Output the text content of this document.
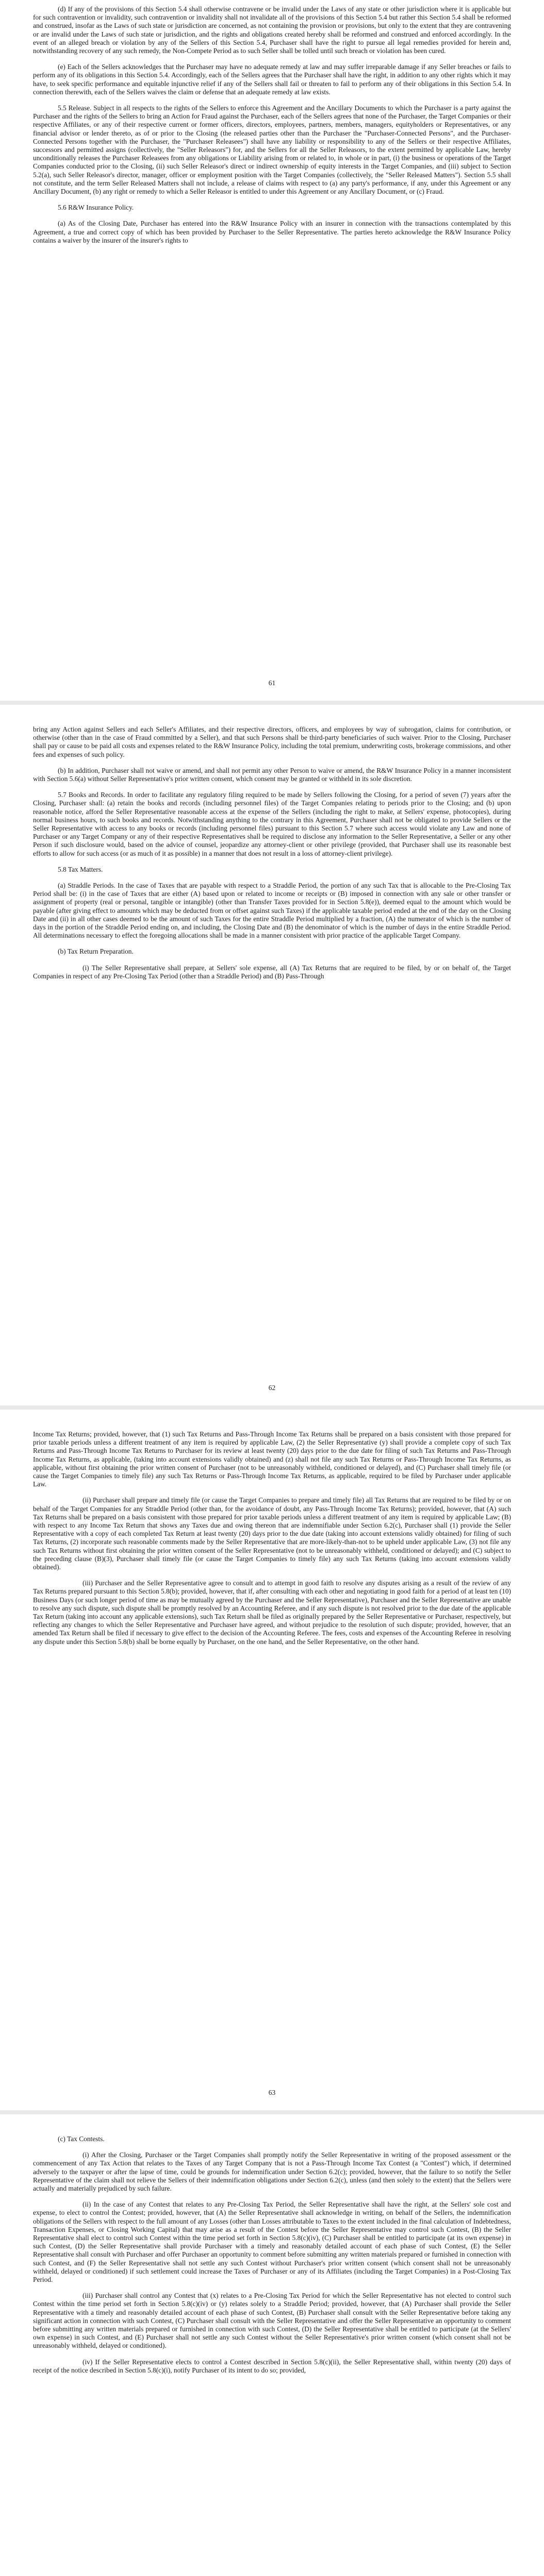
(d) If any of the provisions of this Section 5.4 shall otherwise contravene or be invalid under the Laws of any state or other jurisdiction where it is applicable but for such contravention or invalidity, such contravention or invalidity shall not invalidate all of the provisions of this Section 5.4 but rather this Section 5.4 shall be reformed and construed, insofar as the Laws of such state or jurisdiction are concerned, as not containing the provision or provisions, but only to the extent that they are contravening or are invalid under the Laws of such state or jurisdiction, and the rights and obligations created hereby shall be reformed and construed and enforced accordingly. In the event of an alleged breach or violation by any of the Sellers of this Section 5.4, Purchaser shall have the right to pursue all legal remedies provided for herein and, notwithstanding recovery of any such remedy, the Non-Compete Period as to such Seller shall be tolled until such breach or violation has been cured.

(e) Each of the Sellers acknowledges that the Purchaser may have no adequate remedy at law and may suffer irreparable damage if any Seller breaches or fails to perform any of its obligations in this Section 5.4. Accordingly, each of the Sellers agrees that the Purchaser shall have the right, in addition to any other rights which it may have, to seek specific performance and equitable injunctive relief if any of the Sellers shall fail or threaten to fail to perform any of their obligations in this Section 5.4. In connection therewith, each of the Sellers waives the claim or defense that an adequate remedy at law exists.

5.5 Release. Subject in all respects to the rights of the Sellers to enforce this Agreement and the Ancillary Documents to which the Purchaser is a party against the Purchaser and the rights of the Sellers to bring an Action for Fraud against the Purchaser, each of the Sellers agrees that none of the Purchaser, the Target Companies or their respective Affiliates, or any of their respective current or former officers, directors, employees, partners, members, managers, equityholders or Representatives, or any financial advisor or lender thereto, as of or prior to the Closing (the released parties other than the Purchaser the "Purchaser-Connected Persons", and the Purchaser-Connected Persons together with the Purchaser, the "Purchaser Releasees") shall have any liability or responsibility to any of the Sellers or their respective Affiliates, successors and permitted assigns (collectively, the "Seller Releasors") for, and the Sellers for all the Seller Releasors, to the extent permitted by applicable Law, hereby unconditionally releases the Purchaser Releasees from any obligations or Liability arising from or related to, in whole or in part, (i) the business or operations of the Target Companies conducted prior to the Closing, (ii) such Seller Releasor's direct or indirect ownership of equity interests in the Target Companies, and (iii) subject to Section 5.2(a), such Seller Releasor's director, manager, officer or employment position with the Target Companies (collectively, the "Seller Released Matters"). Section 5.5 shall not constitute, and the term Seller Released Matters shall not include, a release of claims with respect to (a) any party's performance, if any, under this Agreement or any Ancillary Document, (b) any right or remedy to which a Seller Releasor is entitled to under this Agreement or any Ancillary Document, or (c) Fraud.

5.6 R&W Insurance Policy.

(a) As of the Closing Date, Purchaser has entered into the R&W Insurance Policy with an insurer in connection with the transactions contemplated by this Agreement, a true and correct copy of which has been provided by Purchaser to the Seller Representative. The parties hereto acknowledge the R&W Insurance Policy contains a waiver by the insurer of the insurer's rights to

61

bring any Action against Sellers and each Seller's Affiliates, and their respective directors, officers, and employees by way of subrogation, claims for contribution, or otherwise (other than in the case of Fraud committed by a Seller), and that such Persons shall be third-party beneficiaries of such waiver. Prior to the Closing, Purchaser shall pay or cause to be paid all costs and expenses related to the R&W Insurance Policy, including the total premium, underwriting costs, brokerage commissions, and other fees and expenses of such policy.

(b) In addition, Purchaser shall not waive or amend, and shall not permit any other Person to waive or amend, the R&W Insurance Policy in a manner inconsistent with Section 5.6(a) without Seller Representative's prior written consent, which consent may be granted or withheld in its sole discretion.

5.7 Books and Records. In order to facilitate any regulatory filing required to be made by Sellers following the Closing, for a period of seven (7) years after the Closing, Purchaser shall: (a) retain the books and records (including personnel files) of the Target Companies relating to periods prior to the Closing; and (b) upon reasonable notice, afford the Seller Representative reasonable access at the expense of the Sellers (including the right to make, at Sellers' expense, photocopies), during normal business hours, to such books and records. Notwithstanding anything to the contrary in this Agreement, Purchaser shall not be obligated to provide Sellers or the Seller Representative with access to any books or records (including personnel files) pursuant to this Section 5.7 where such access would violate any Law and none of Purchaser or any Target Company or any of their respective Representatives shall be required to disclose any information to the Seller Representative, a Seller or any other Person if such disclosure would, based on the advice of counsel, jeopardize any attorney-client or other privilege (provided, that Purchaser shall use its reasonable best efforts to allow for such access (or as much of it as possible) in a manner that does not result in a loss of attorney-client privilege).

5.8 Tax Matters.

(a) Straddle Periods. In the case of Taxes that are payable with respect to a Straddle Period, the portion of any such Tax that is allocable to the Pre-Closing Tax Period shall be: (i) in the case of Taxes that are either (A) based upon or related to income or receipts or (B) imposed in connection with any sale or other transfer or assignment of property (real or personal, tangible or intangible) (other than Transfer Taxes provided for in Section 5.8(e)), deemed equal to the amount which would be payable (after giving effect to amounts which may be deducted from or offset against such Taxes) if the applicable taxable period ended at the end of the day on the Closing Date and (ii) in all other cases deemed to be the amount of such Taxes for the entire Straddle Period multiplied by a fraction, (A) the numerator of which is the number of days in the portion of the Straddle Period ending on, and including, the Closing Date and (B) the denominator of which is the number of days in the entire Straddle Period. All determinations necessary to effect the foregoing allocations shall be made in a manner consistent with prior practice of the applicable Target Company.

(b) Tax Return Preparation.

(i) The Seller Representative shall prepare, at Sellers' sole expense, all (A) Tax Returns that are required to be filed, by or on behalf of, the Target Companies in respect of any Pre-Closing Tax Period (other than a Straddle Period) and (B) Pass-Through

62

Income Tax Returns; provided, however, that (1) such Tax Returns and Pass-Through Income Tax Returns shall be prepared on a basis consistent with those prepared for prior taxable periods unless a different treatment of any item is required by applicable Law, (2) the Seller Representative (y) shall provide a complete copy of such Tax Returns and Pass-Through Income Tax Returns to Purchaser for its review at least twenty (20) days prior to the due date for filing of such Tax Returns and Pass-Through Income Tax Returns, as applicable, (taking into account extensions validly obtained) and (z) shall not file any such Tax Returns or Pass-Through Income Tax Returns, as applicable, without first obtaining the prior written consent of Purchaser (not to be unreasonably withheld, conditioned or delayed), and (C) Purchaser shall timely file (or cause the Target Companies to timely file) any such Tax Returns or Pass-Through Income Tax Returns, as applicable, required to be filed by Purchaser under applicable Law.

(ii) Purchaser shall prepare and timely file (or cause the Target Companies to prepare and timely file) all Tax Returns that are required to be filed by or on behalf of the Target Companies for any Straddle Period (other than, for the avoidance of doubt, any Pass-Through Income Tax Returns); provided, however, that (A) such Tax Returns shall be prepared on a basis consistent with those prepared for prior taxable periods unless a different treatment of any item is required by applicable Law; (B) with respect to any Income Tax Return that shows any Taxes due and owing thereon that are indemnifiable under Section 6.2(c), Purchaser shall (1) provide the Seller Representative with a copy of each completed Tax Return at least twenty (20) days prior to the due date (taking into account extensions validly obtained) for filing of such Tax Returns, (2) incorporate such reasonable comments made by the Seller Representative that are more-likely-than-not to be upheld under applicable Law, (3) not file any such Tax Returns without first obtaining the prior written consent of the Seller Representative (not to be unreasonably withheld, conditioned or delayed); and (C) subject to the preceding clause (B)(3), Purchaser shall timely file (or cause the Target Companies to timely file) any such Tax Returns (taking into account extensions validly obtained).

(iii) Purchaser and the Seller Representative agree to consult and to attempt in good faith to resolve any disputes arising as a result of the review of any Tax Returns prepared pursuant to this Section 5.8(b); provided, however, that if, after consulting with each other and negotiating in good faith for a period of at least ten (10) Business Days (or such longer period of time as may be mutually agreed by the Purchaser and the Seller Representative), Purchaser and the Seller Representative are unable to resolve any such dispute, such dispute shall be promptly resolved by an Accounting Referee, and if any such dispute is not resolved prior to the due date of the applicable Tax Return (taking into account any applicable extensions), such Tax Return shall be filed as originally prepared by the Seller Representative or Purchaser, respectively, but reflecting any changes to which the Seller Representative and Purchaser have agreed, and without prejudice to the resolution of such dispute; provided, however, that an amended Tax Return shall be filed if necessary to give effect to the decision of the Accounting Referee. The fees, costs and expenses of the Accounting Referee in resolving any dispute under this Section 5.8(b) shall be borne equally by Purchaser, on the one hand, and the Seller Representative, on the other hand.

63

(c) Tax Contests.

(i) After the Closing, Purchaser or the Target Companies shall promptly notify the Seller Representative in writing of the proposed assessment or the commencement of any Tax Action that relates to the Taxes of any Target Company that is not a Pass-Through Income Tax Contest (a "Contest") which, if determined adversely to the taxpayer or after the lapse of time, could be grounds for indemnification under Section 6.2(c); provided, however, that the failure to so notify the Seller Representative of the claim shall not relieve the Sellers of their indemnification obligations under Section 6.2(c), unless (and then solely to the extent) that the Sellers were actually and materially prejudiced by such failure.

(ii) In the case of any Contest that relates to any Pre-Closing Tax Period, the Seller Representative shall have the right, at the Sellers' sole cost and expense, to elect to control the Contest; provided, however, that (A) the Seller Representative shall acknowledge in writing, on behalf of the Sellers, the indemnification obligations of the Sellers with respect to the full amount of any Losses (other than Losses attributable to Taxes to the extent included in the final calculation of Indebtedness, Transaction Expenses, or Closing Working Capital) that may arise as a result of the Contest before the Seller Representative may control such Contest, (B) the Seller Representative shall elect to control such Contest within the time period set forth in Section 5.8(c)(iv), (C) Purchaser shall be entitled to participate (at its own expense) in such Contest, (D) the Seller Representative shall provide Purchaser with a timely and reasonably detailed account of each phase of such Contest, (E) the Seller Representative shall consult with Purchaser and offer Purchaser an opportunity to comment before submitting any written materials prepared or furnished in connection with such Contest, and (F) the Seller Representative shall not settle any such Contest without Purchaser's prior written consent (which consent shall not be unreasonably withheld, delayed or conditioned) if such settlement could increase the Taxes of Purchaser or any of its Affiliates (including the Target Companies) in a Post-Closing Tax Period.

(iii) Purchaser shall control any Contest that (x) relates to a Pre-Closing Tax Period for which the Seller Representative has not elected to control such Contest within the time period set forth in Section 5.8(c)(iv) or (y) relates solely to a Straddle Period; provided, however, that (A) Purchaser shall provide the Seller Representative with a timely and reasonably detailed account of each phase of such Contest, (B) Purchaser shall consult with the Seller Representative before taking any significant action in connection with such Contest, (C) Purchaser shall consult with the Seller Representative and offer the Seller Representative an opportunity to comment before submitting any written materials prepared or furnished in connection with such Contest, (D) the Seller Representative shall be entitled to participate (at the Sellers' own expense) in such Contest, and (E) Purchaser shall not settle any such Contest without the Seller Representative's prior written consent (which consent shall not be unreasonably withheld, delayed or conditioned).

(iv) If the Seller Representative elects to control a Contest described in Section 5.8(c)(ii), the Seller Representative shall, within twenty (20) days of receipt of the notice described in Section 5.8(c)(i), notify Purchaser of its intent to do so; provided,
